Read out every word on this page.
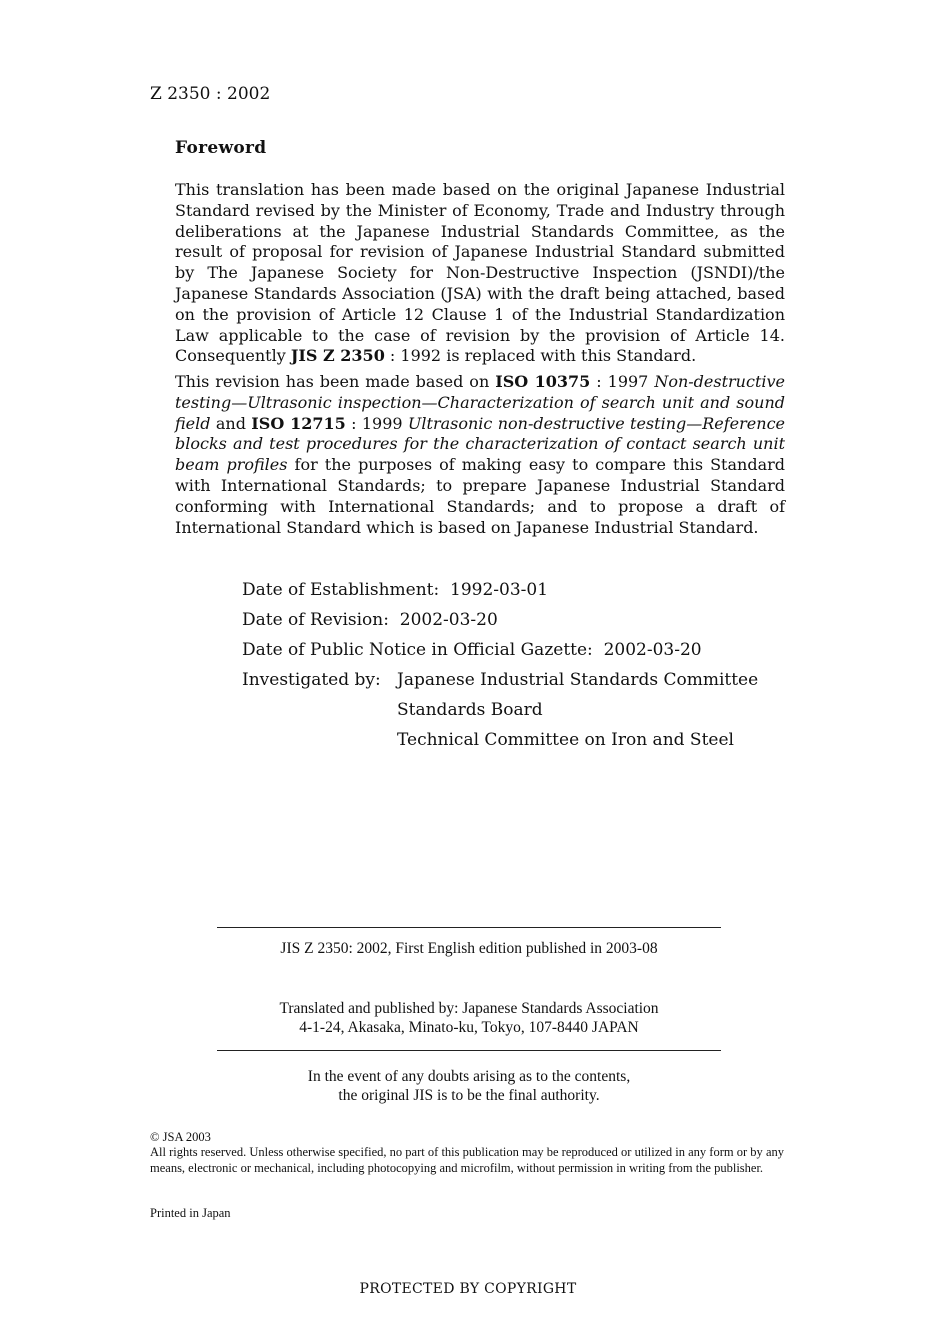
Z 2350 : 2002
Foreword

This translation has been made based on the original Japanese Industrial Standard revised by the Minister of Economy, Trade and Industry through deliberations at the Japanese Industrial Standards Committee, as the result of proposal for revision of Japanese Industrial Standard submitted by The Japanese Society for Non-Destructive Inspection (JSNDI)/the Japanese Standards Association (JSA) with the draft being attached, based on the provision of Article 12 Clause 1 of the Industrial Standardization Law applicable to the case of revision by the provision of Article 14. Consequently JIS Z 2350 : 1992 is replaced with this Standard.

This revision has been made based on ISO 10375 : 1997 Non-destructive testing—Ultrasonic inspection—Characterization of search unit and sound field and ISO 12715 : 1999 Ultrasonic non-destructive testing—Reference blocks and test procedures for the characterization of contact search unit beam profiles for the purposes of making easy to compare this Standard with International Standards; to prepare Japanese Industrial Standard conforming with International Standards; and to propose a draft of International Standard which is based on Japanese Industrial Standard.

Date of Establishment: 1992-03-01
Date of Revision: 2002-03-20
Date of Public Notice in Official Gazette: 2002-03-20
Investigated by: Japanese Industrial Standards Committee
Standards Board
Technical Committee on Iron and Steel
JIS Z 2350: 2002, First English edition published in 2003-08
Translated and published by: Japanese Standards Association
4-1-24, Akasaka, Minato-ku, Tokyo, 107-8440 JAPAN
In the event of any doubts arising as to the contents,
the original JIS is to be the final authority.
© JSA 2003
All rights reserved. Unless otherwise specified, no part of this publication may be reproduced or utilized in any form or by any means, electronic or mechanical, including photocopying and microfilm, without permission in writing from the publisher.
Printed in Japan
PROTECTED BY COPYRIGHT
